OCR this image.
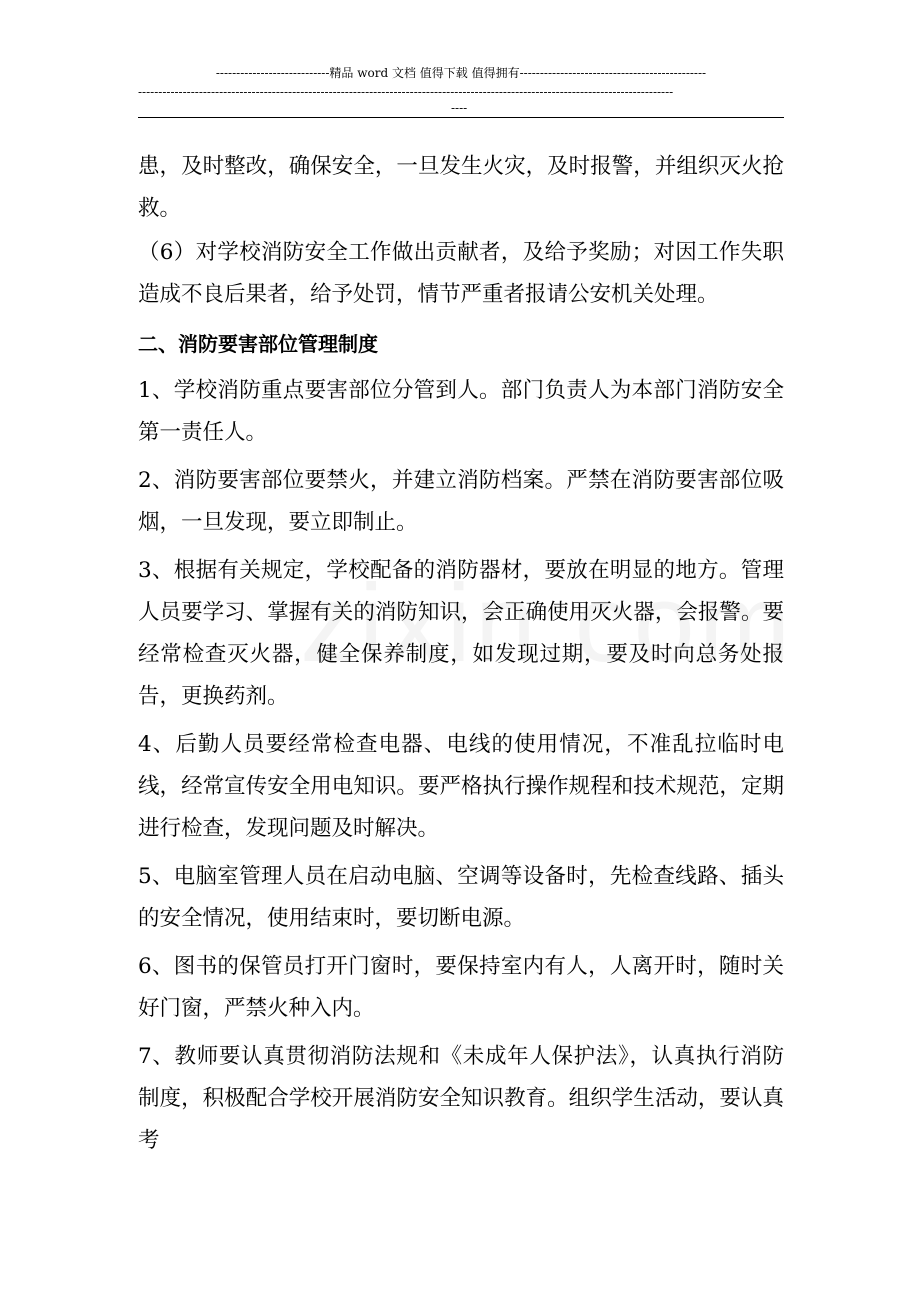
----------------------------精品 word 文档 值得下载 值得拥有----------------------------------------------
------------------------------------------------------------------------------------------------------------------------------------
----

患，及时整改，确保安全，一旦发生火灾，及时报警，并组织灭火抢救。

（6）对学校消防安全工作做出贡献者，及给予奖励；对因工作失职造成不良后果者，给予处罚，情节严重者报请公安机关处理。

二、消防要害部位管理制度

1、学校消防重点要害部位分管到人。部门负责人为本部门消防安全第一责任人。

2、消防要害部位要禁火，并建立消防档案。严禁在消防要害部位吸烟，一旦发现，要立即制止。

3、根据有关规定，学校配备的消防器材，要放在明显的地方。管理人员要学习、掌握有关的消防知识，会正确使用灭火器，会报警。要经常检查灭火器，健全保养制度，如发现过期，要及时向总务处报告，更换药剂。

4、后勤人员要经常检查电器、电线的使用情况，不准乱拉临时电线，经常宣传安全用电知识。要严格执行操作规程和技术规范，定期进行检查，发现问题及时解决。

5、电脑室管理人员在启动电脑、空调等设备时，先检查线路、插头的安全情况，使用结束时，要切断电源。

6、图书的保管员打开门窗时，要保持室内有人，人离开时，随时关好门窗，严禁火种入内。

7、教师要认真贯彻消防法规和《未成年人保护法》，认真执行消防制度，积极配合学校开展消防安全知识教育。组织学生活动，要认真考
